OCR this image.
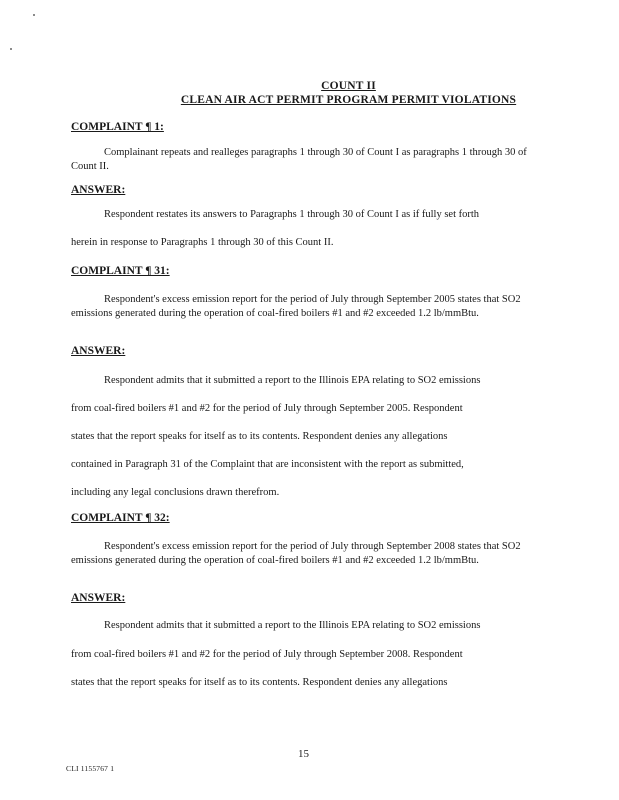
COUNT II
CLEAN AIR ACT PERMIT PROGRAM PERMIT VIOLATIONS
COMPLAINT ¶ 1:

Complainant repeats and realleges paragraphs 1 through 30 of Count I as paragraphs 1 through 30 of Count II.

ANSWER:
Respondent restates its answers to Paragraphs 1 through 30 of Count I as if fully set forth
herein in response to Paragraphs 1 through 30 of this Count II.
COMPLAINT ¶ 31:

Respondent's excess emission report for the period of July through September 2005 states that SO2 emissions generated during the operation of coal-fired boilers #1 and #2 exceeded 1.2 lb/mmBtu.

ANSWER:
Respondent admits that it submitted a report to the Illinois EPA relating to SO2 emissions
from coal-fired boilers #1 and #2 for the period of July through September 2005. Respondent
states that the report speaks for itself as to its contents. Respondent denies any allegations
contained in Paragraph 31 of the Complaint that are inconsistent with the report as submitted,
including any legal conclusions drawn therefrom.
COMPLAINT ¶ 32:

Respondent's excess emission report for the period of July through September 2008 states that SO2 emissions generated during the operation of coal-fired boilers #1 and #2 exceeded 1.2 lb/mmBtu.

ANSWER:
Respondent admits that it submitted a report to the Illinois EPA relating to SO2 emissions
from coal-fired boilers #1 and #2 for the period of July through September 2008. Respondent
states that the report speaks for itself as to its contents. Respondent denies any allegations
15
CLI 1155767 1
